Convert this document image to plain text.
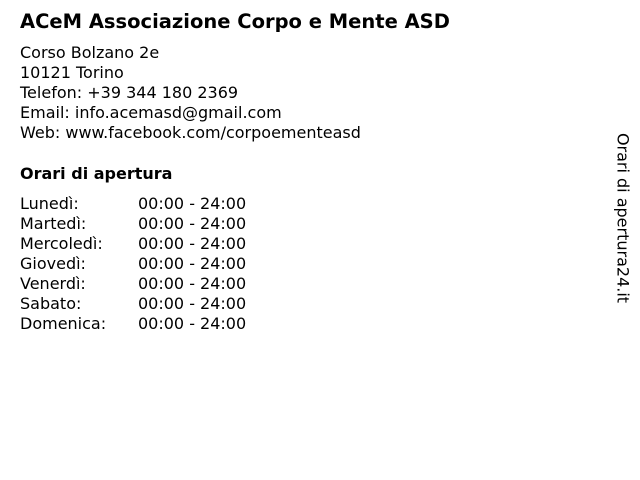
ACeM Associazione Corpo e Mente ASD
Corso Bolzano 2e
10121 Torino
Telefon: +39 344 180 2369
Email: info.acemasd@gmail.com
Web: www.facebook.com/corpoementeasd
Orari di apertura
Lunedì:	00:00 - 24:00
Martedì:	00:00 - 24:00
Mercoledì: 00:00 - 24:00
Giovedì:	00:00 - 24:00
Venerdì:	00:00 - 24:00
Sabato:	00:00 - 24:00
Domenica: 00:00 - 24:00
Orari di apertura24.it
